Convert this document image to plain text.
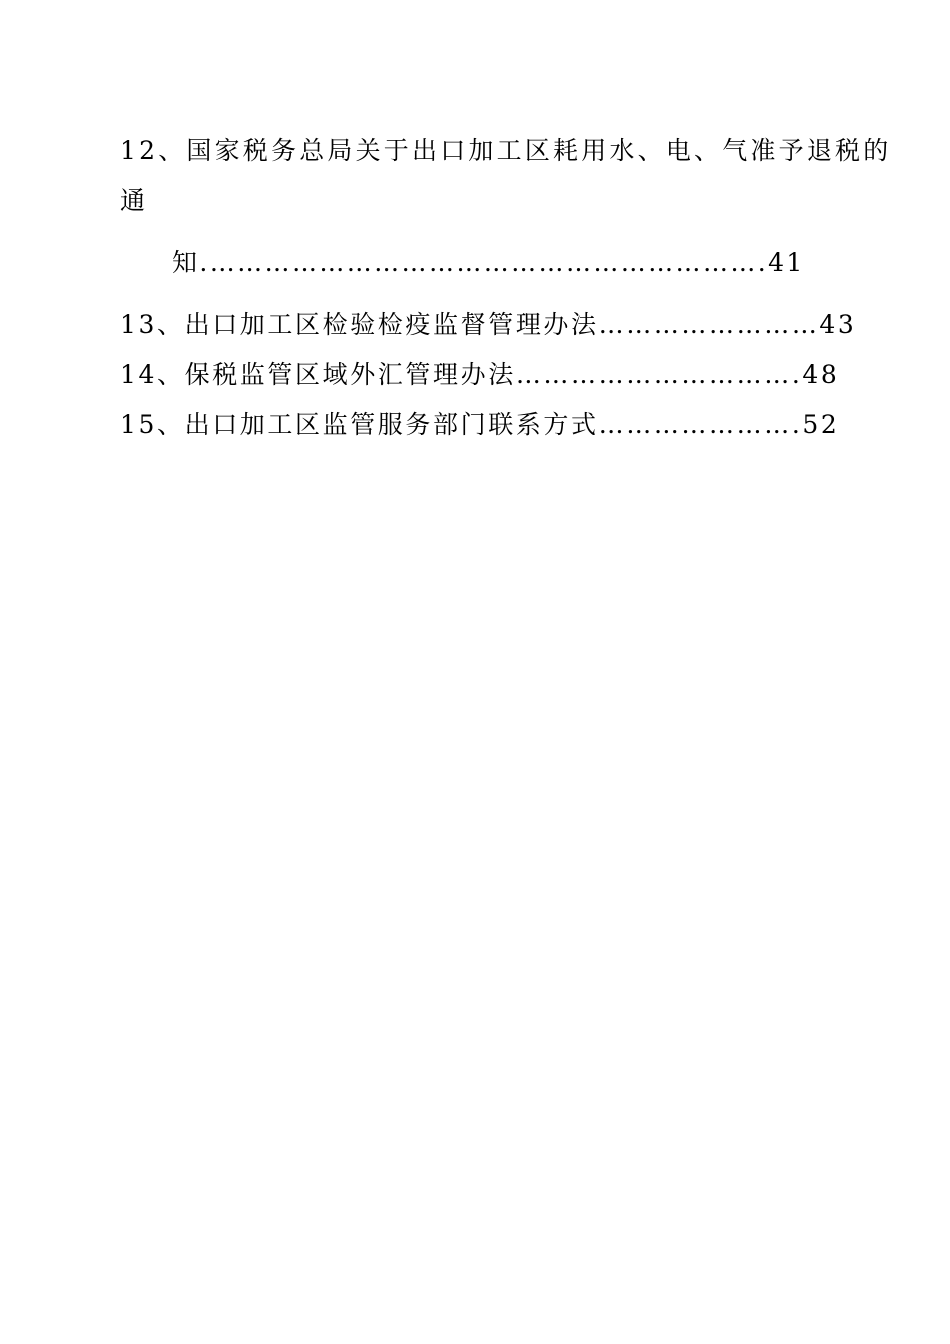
12、国家税务总局关于出口加工区耗用水、电、气准予退税的
通
知.…………………………………………………….41
13、出口加工区检验检疫监督管理办法……………………43
14、保税监管区域外汇管理办法………………………….48
15、出口加工区监管服务部门联系方式………………….52
